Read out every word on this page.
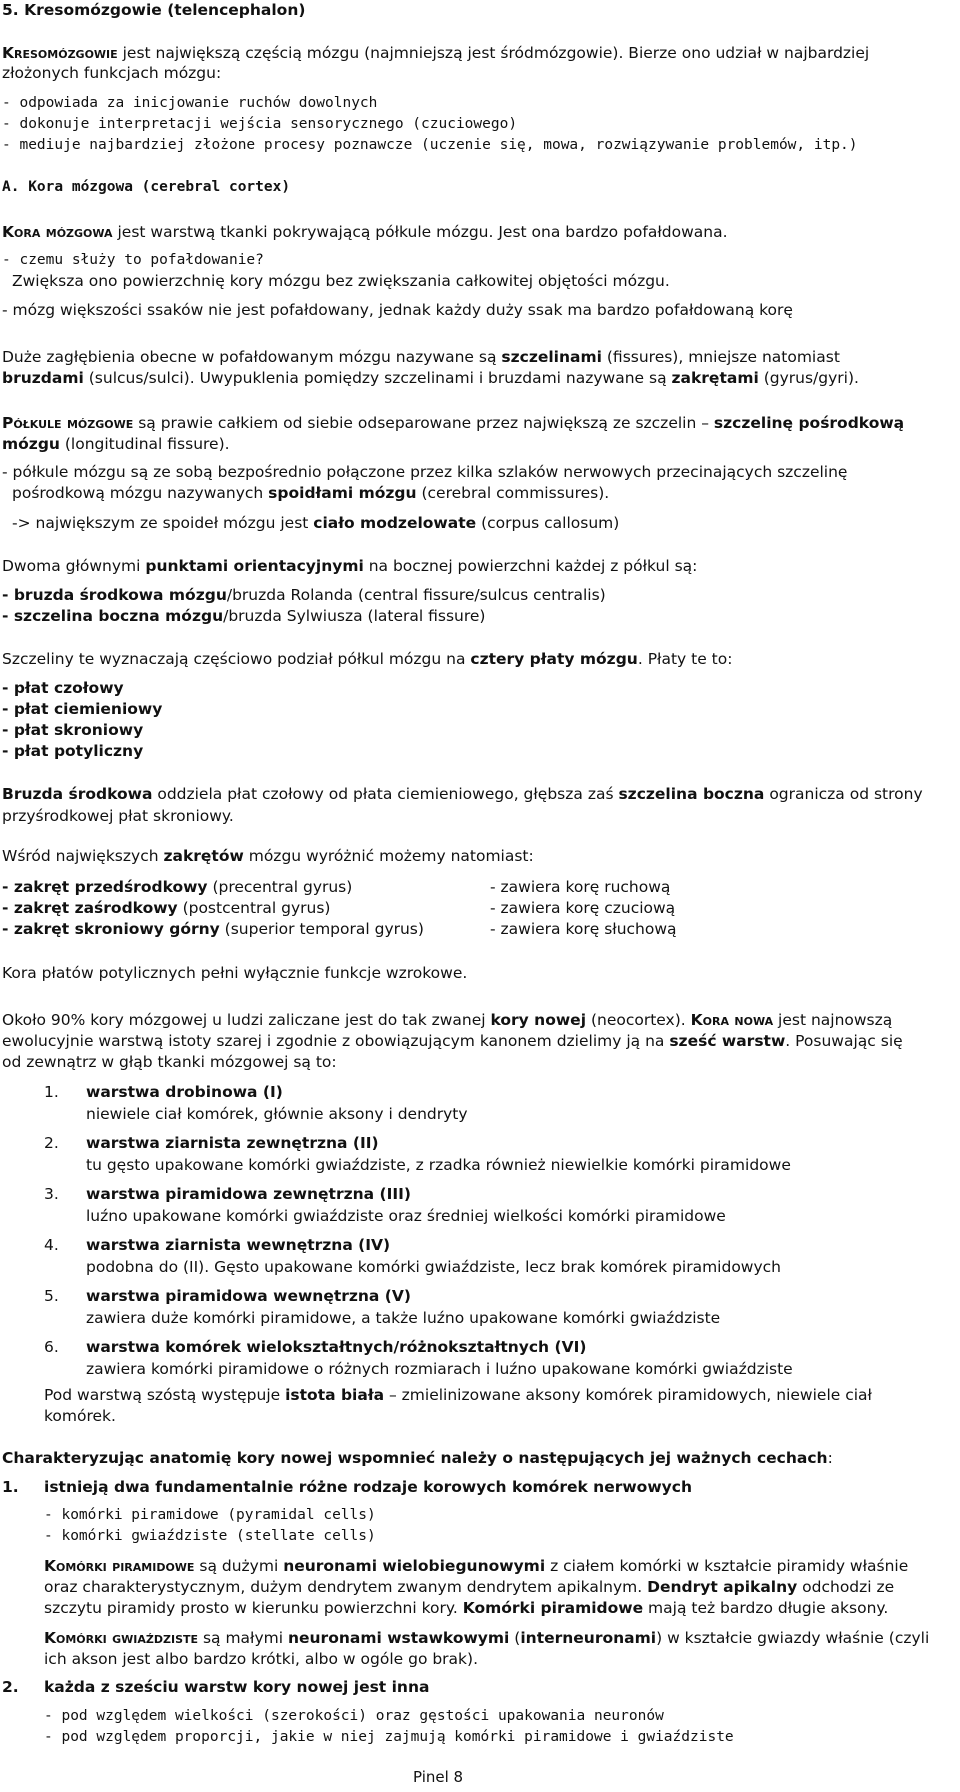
5. Kresomózgowie (telencephalon)
Kresomózgowie jest największą częścią mózgu (najmniejszą jest śródmózgowie). Bierze ono udział w najbardziej
złożonych funkcjach mózgu:
- odpowiada za inicjowanie ruchów dowolnych
- dokonuje interpretacji wejścia sensorycznego (czuciowego)
- mediuje najbardziej złożone procesy poznawcze (uczenie się, mowa, rozwiązywanie problemów, itp.)
A. Kora mózgowa (cerebral cortex)
Kora mózgowa jest warstwą tkanki pokrywającą półkule mózgu. Jest ona bardzo pofałdowana.
- czemu służy to pofałdowanie?
Zwiększa ono powierzchnię kory mózgu bez zwiększania całkowitej objętości mózgu.
- mózg większości ssaków nie jest pofałdowany, jednak każdy duży ssak ma bardzo pofałdowaną korę
Duże zagłębienia obecne w pofałdowanym mózgu nazywane są szczelinami (fissures), mniejsze natomiast
bruzdami (sulcus/sulci). Uwypuklenia pomiędzy szczelinami i bruzdami nazywane są zakrętami (gyrus/gyri).
Półkule mózgowe są prawie całkiem od siebie odseparowane przez największą ze szczelin – szczelinę pośrodkową
mózgu (longitudinal fissure).
- półkule mózgu są ze sobą bezpośrednio połączone przez kilka szlaków nerwowych przecinających szczelinę
pośrodkową mózgu nazywanych spoidłami mózgu (cerebral commissures).
-> największym ze spoideł mózgu jest ciało modzelowate (corpus callosum)
Dwoma głównymi punktami orientacyjnymi na bocznej powierzchni każdej z półkul są:
- bruzda środkowa mózgu/bruzda Rolanda (central fissure/sulcus centralis)
- szczelina boczna mózgu/bruzda Sylwiusza (lateral fissure)
Szczeliny te wyznaczają częściowo podział półkul mózgu na cztery płaty mózgu. Płaty te to:
- płat czołowy
- płat ciemieniowy
- płat skroniowy
- płat potyliczny
Bruzda środkowa oddziela płat czołowy od płata ciemieniowego, głębsza zaś szczelina boczna ogranicza od strony
przyśrodkowej płat skroniowy.
Wśród największych zakrętów mózgu wyróżnić możemy natomiast:
- zakręt przedśrodkowy (precentral gyrus)	- zawiera korę ruchową
- zakręt zaśrodkowy (postcentral gyrus)	- zawiera korę czuciową
- zakręt skroniowy górny (superior temporal gyrus)	- zawiera korę słuchową
Kora płatów potylicznych pełni wyłącznie funkcje wzrokowe.
Około 90% kory mózgowej u ludzi zaliczane jest do tak zwanej kory nowej (neocortex). Kora nowa jest najnowszą
ewolucyjnie warstwą istoty szarej i zgodnie z obowiązującym kanonem dzielimy ją na sześć warstw. Posuwając się
od zewnątrz w głąb tkanki mózgowej są to:
1. warstwa drobinowa (I)
niewiele ciał komórek, głównie aksony i dendryty
2. warstwa ziarnista zewnętrzna (II)
tu gęsto upakowane komórki gwiaździste, z rzadka również niewielkie komórki piramidowe
3. warstwa piramidowa zewnętrzna (III)
luźno upakowane komórki gwiaździste oraz średniej wielkości komórki piramidowe
4. warstwa ziarnista wewnętrzna (IV)
podobna do (II). Gęsto upakowane komórki gwiaździste, lecz brak komórek piramidowych
5. warstwa piramidowa wewnętrzna (V)
zawiera duże komórki piramidowe, a także luźno upakowane komórki gwiaździste
6. warstwa komórek wielokształtnych/różnokształtnych (VI)
zawiera komórki piramidowe o różnych rozmiarach i luźno upakowane komórki gwiaździste
Pod warstwą szóstą występuje istota biała – zmielinizowane aksony komórek piramidowych, niewiele ciał
komórek.
Charakteryzując anatomię kory nowej wspomnieć należy o następujących jej ważnych cechach:
1. istnieją dwa fundamentalnie różne rodzaje korowych komórek nerwowych
- komórki piramidowe (pyramidal cells)
- komórki gwiaździste (stellate cells)
Komórki piramidowe są dużymi neuronami wielobiegunowymi z ciałem komórki w kształcie piramidy właśnie
oraz charakterystycznym, dużym dendrytem zwanym dendrytem apikalnym. Dendryt apikalny odchodzi ze
szczytu piramidy prosto w kierunku powierzchni kory. Komórki piramidowe mają też bardzo długie aksony.
Komórki gwiaździste są małymi neuronami wstawkowymi (interneuronami) w kształcie gwiazdy właśnie (czyli
ich akson jest albo bardzo krótki, albo w ogóle go brak).
2. każda z sześciu warstw kory nowej jest inna
- pod względem wielkości (szerokości) oraz gęstości upakowania neuronów
- pod względem proporcji, jakie w niej zajmują komórki piramidowe i gwiaździste
Pinel 8
